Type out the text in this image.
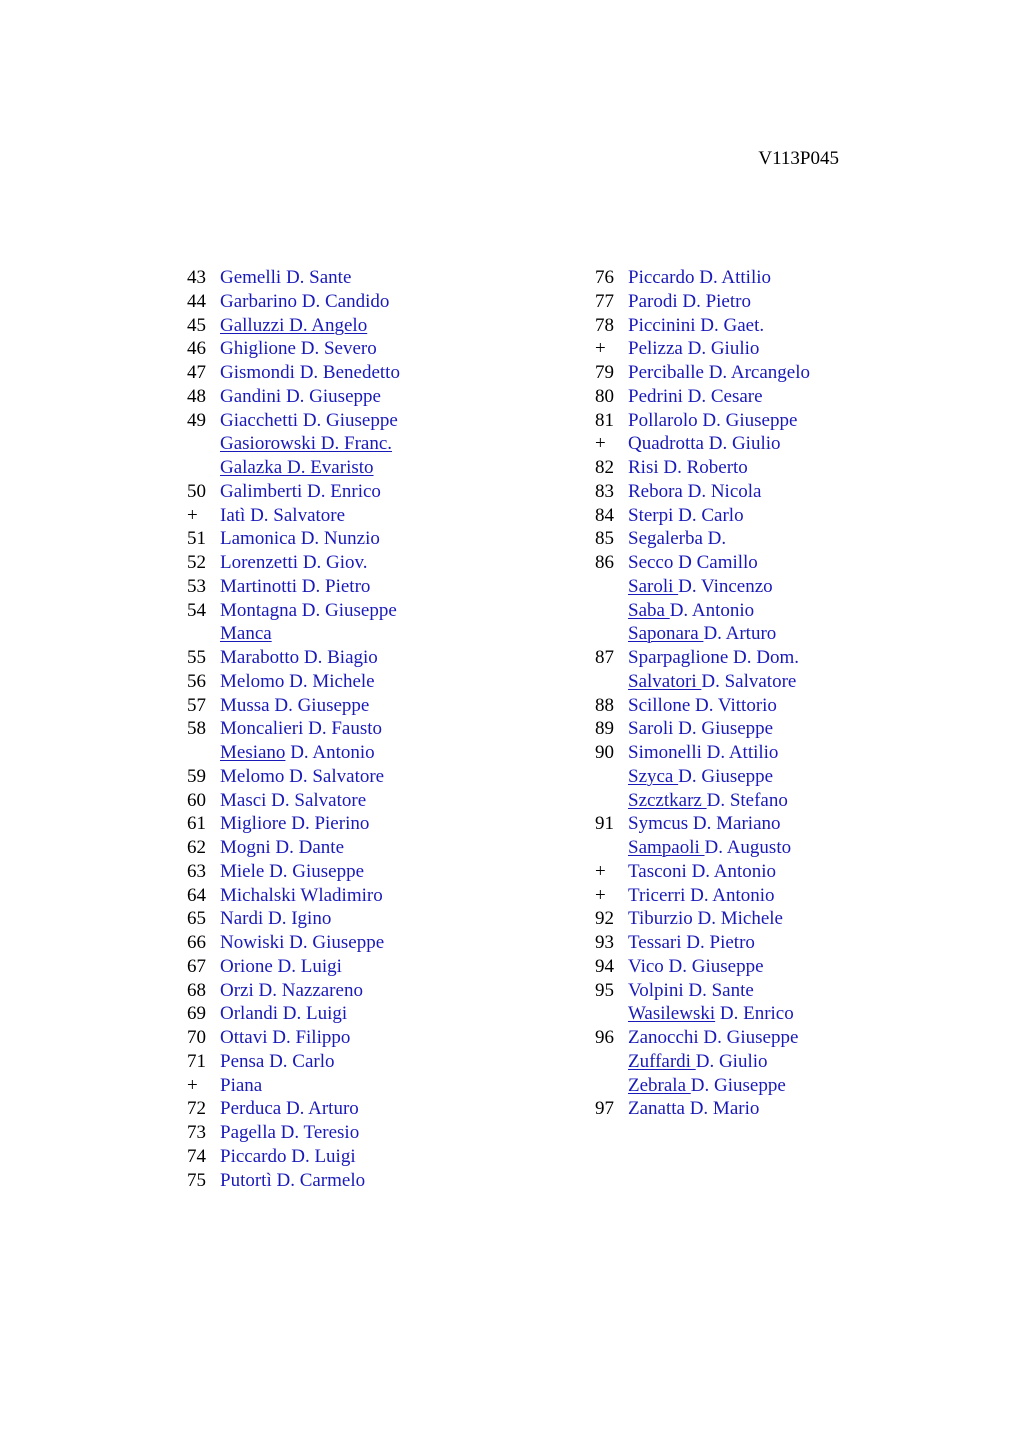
V113P045
43 Gemelli D. Sante
44 Garbarino D. Candido
45 Galluzzi D. Angelo
46 Ghiglione D. Severo
47 Gismondi D. Benedetto
48 Gandini D. Giuseppe
49 Giacchetti D. Giuseppe
Gasiorowski D. Franc.
Galazka D. Evaristo
50 Galimberti D. Enrico
+	Iatì D. Salvatore
51 Lamonica D. Nunzio
52 Lorenzetti D. Giov.
53 Martinotti D. Pietro
54 Montagna D. Giuseppe
Manca
55 Marabotto D. Biagio
56 Melomo D. Michele
57 Mussa D. Giuseppe
58 Moncalieri D. Fausto
Mesiano D. Antonio
59 Melomo D. Salvatore
60 Masci D. Salvatore
61 Migliore D. Pierino
62 Mogni D. Dante
63 Miele D. Giuseppe
64 Michalski Wladimiro
65 Nardi D. Igino
66 Nowiski D. Giuseppe
67 Orione D. Luigi
68 Orzi D. Nazzareno
69 Orlandi D. Luigi
70 Ottavi D. Filippo
71 Pensa D. Carlo
+	Piana
72 Perduca D. Arturo
73 Pagella D. Teresio
74 Piccardo D. Luigi
75 Putortì D. Carmelo
76 Piccardo D. Attilio
77 Parodi D. Pietro
78 Piccinini D. Gaet.
+	Pelizza D. Giulio
79 Perciballe D. Arcangelo
80 Pedrini D. Cesare
81 Pollarolo D. Giuseppe
+	Quadrotta D. Giulio
82 Risi D. Roberto
83 Rebora D. Nicola
84 Sterpi D. Carlo
85 Segalerba D.
86 Secco D Camillo
Saroli D. Vincenzo
Saba D. Antonio
Saponara D. Arturo
87 Sparpaglione D. Dom.
Salvatori D. Salvatore
88 Scillone D. Vittorio
89 Saroli D. Giuseppe
90 Simonelli D. Attilio
Szyca D. Giuseppe
Szcztkarz D. Stefano
91 Symcus D. Mariano
Sampaoli D. Augusto
+	Tasconi D. Antonio
+	Tricerri D. Antonio
92 Tiburzio D. Michele
93 Tessari D. Pietro
94 Vico D. Giuseppe
95 Volpini D. Sante
Wasilewski D. Enrico
96 Zanocchi D. Giuseppe
Zuffardi D. Giulio
Zebrala D. Giuseppe
97 Zanatta D. Mario
